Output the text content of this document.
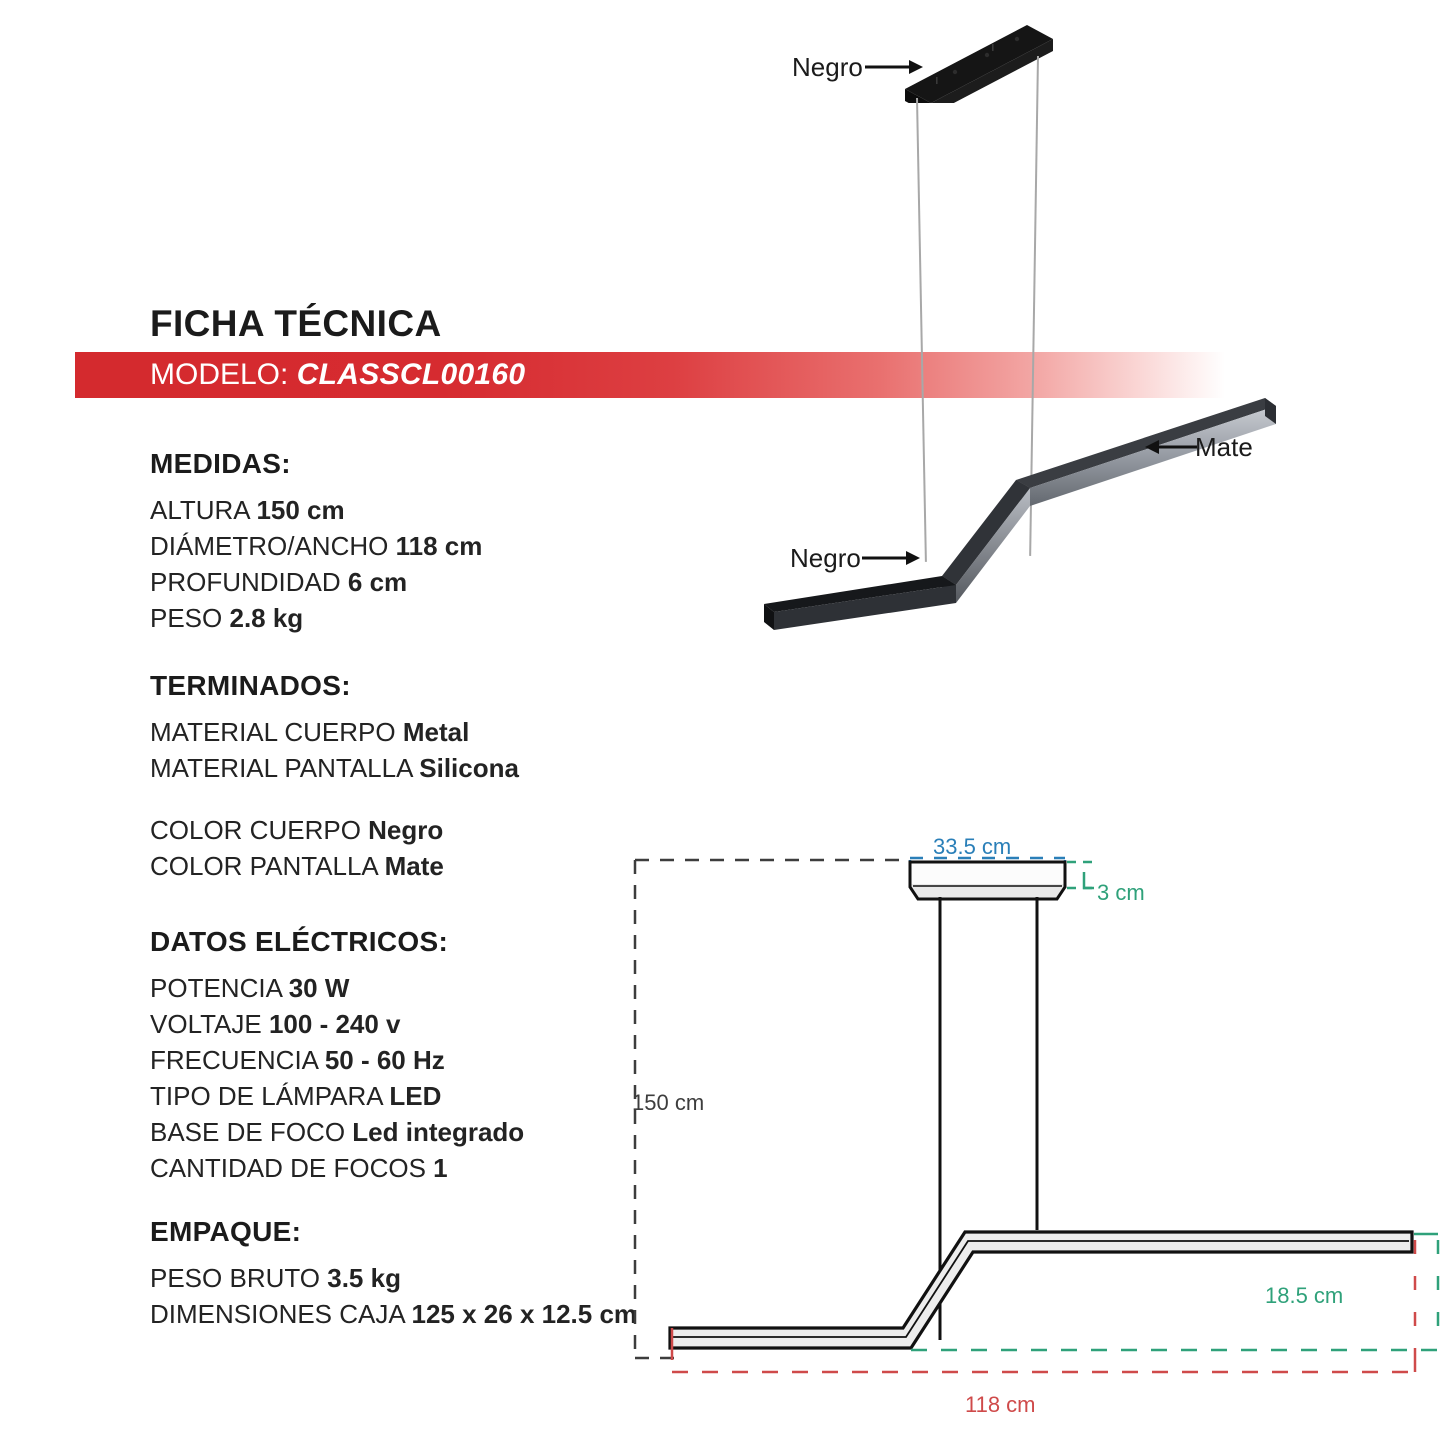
FICHA TÉCNICA
MODELO: CLASSCL00160
MEDIDAS:
ALTURA 150 cm
DIÁMETRO/ANCHO 118 cm
PROFUNDIDAD 6 cm
PESO 2.8 kg
TERMINADOS:
MATERIAL CUERPO Metal
MATERIAL PANTALLA Silicona
COLOR CUERPO Negro
COLOR PANTALLA Mate
DATOS ELÉCTRICOS:
POTENCIA 30 W
VOLTAJE 100 - 240 v
FRECUENCIA 50 - 60 Hz
TIPO DE LÁMPARA LED
BASE DE FOCO Led integrado
CANTIDAD DE FOCOS 1
EMPAQUE:
PESO BRUTO 3.5 kg
DIMENSIONES CAJA 125 x 26 x 12.5 cm
Negro
Negro
Mate
33.5 cm
3 cm
150 cm
18.5 cm
118 cm
